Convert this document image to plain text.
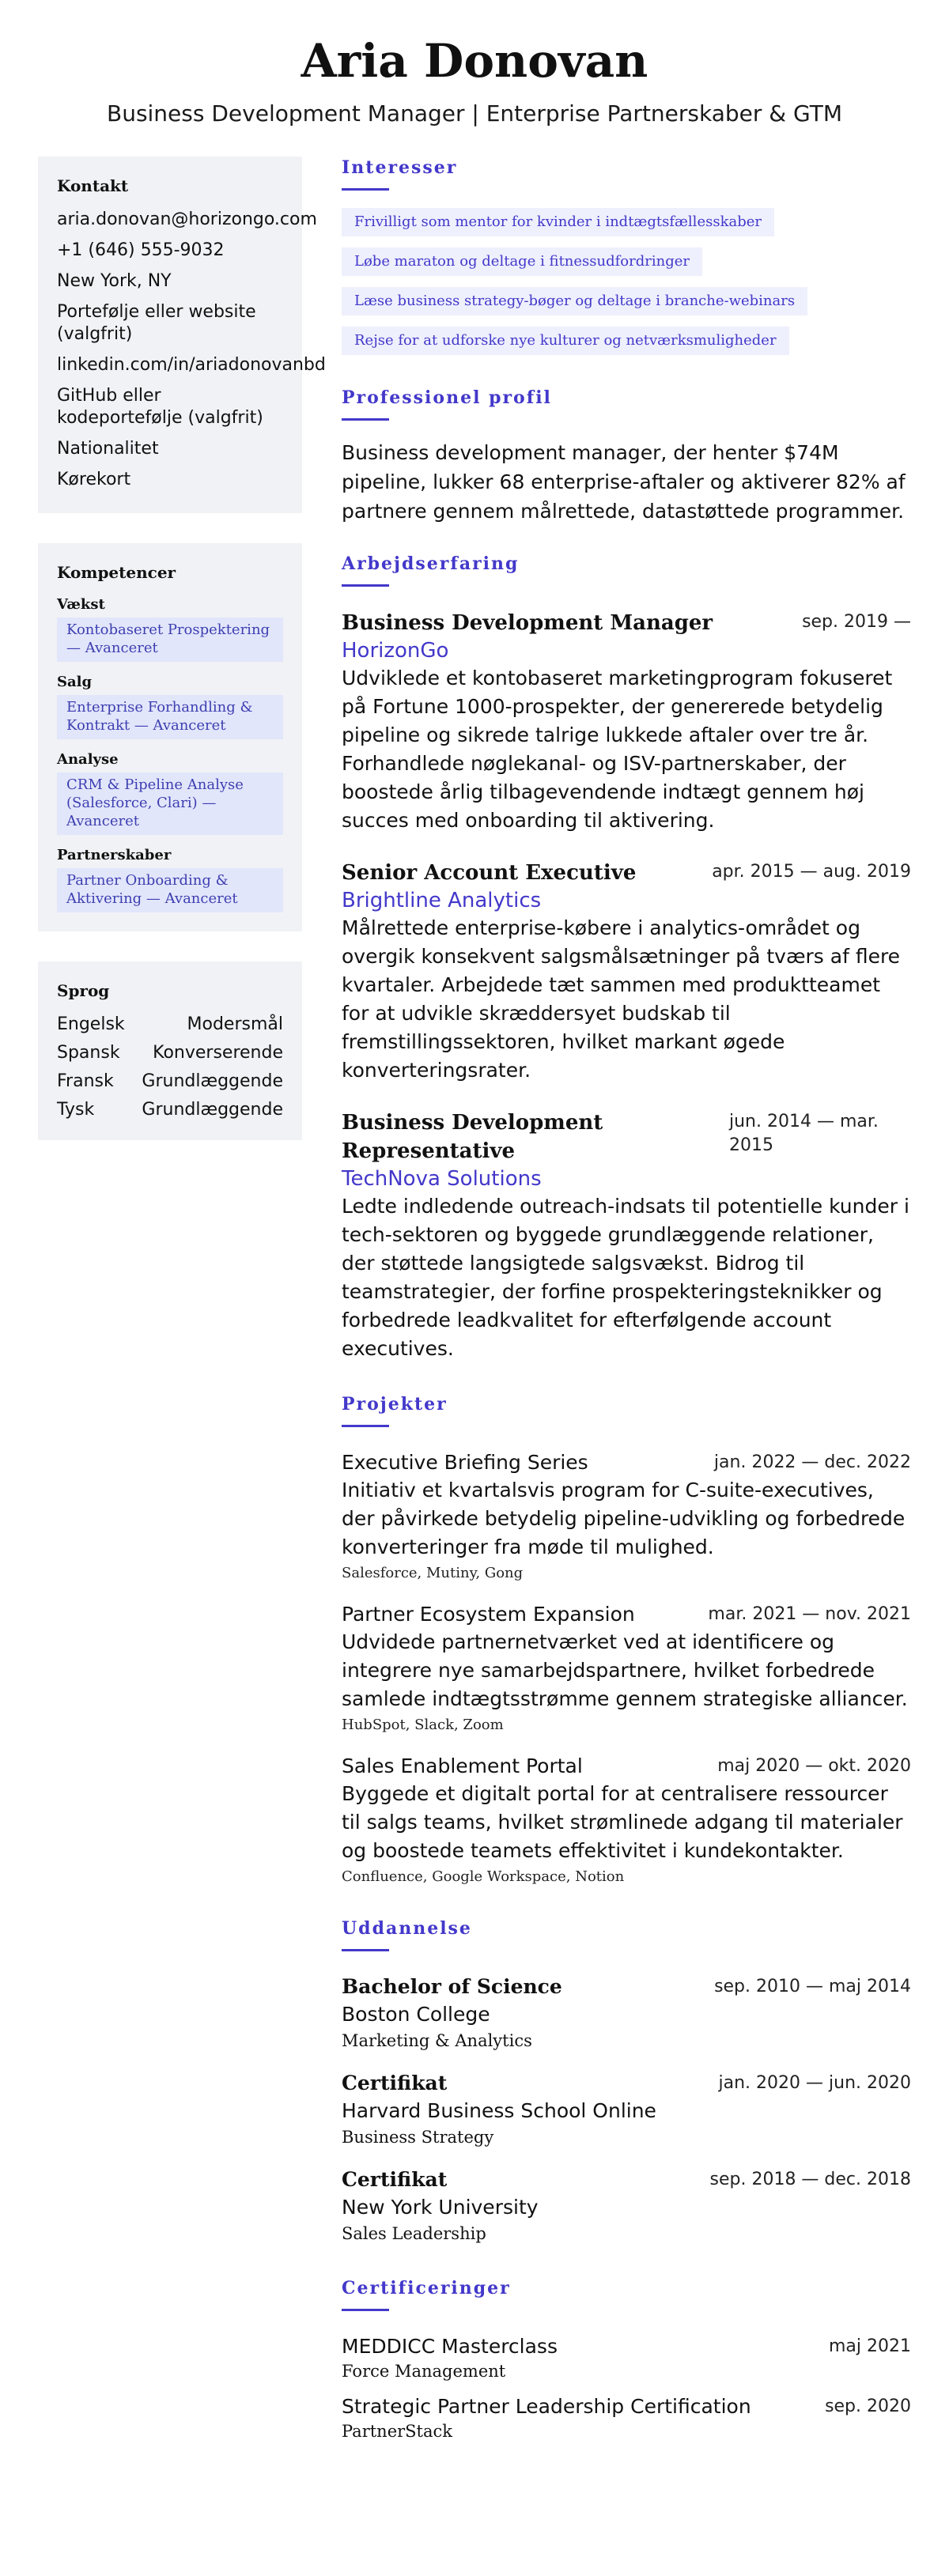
Aria Donovan
Business Development Manager | Enterprise Partnerskaber & GTM
Kontakt
aria.donovan@horizongo.com
+1 (646) 555-9032
New York, NY
Portefølje eller website (valgfrit)
linkedin.com/in/ariadonovanbd
GitHub eller kodeportefølje (valgfrit)
Nationalitet
Kørekort
Kompetencer
Vækst
Kontobaseret Prospektering — Avanceret
Salg
Enterprise Forhandling & Kontrakt — Avanceret
Analyse
CRM & Pipeline Analyse (Salesforce, Clari) — Avanceret
Partnerskaber
Partner Onboarding & Aktivering — Avanceret
Sprog
Engelsk	Modersmål
Spansk Konverserende
Fransk Grundlæggende
Tysk	Grundlæggende
Interesser
Frivilligt som mentor for kvinder i indtægtsfællesskaber
Løbe maraton og deltage i fitnessudfordringer
Læse business strategy-bøger og deltage i branche-webinars
Rejse for at udforske nye kulturer og netværksmuligheder
Professionel profil

Business development manager, der henter $74M pipeline, lukker 68 enterprise-aftaler og aktiverer 82% af partnere gennem målrettede, datastøttede programmer.

Arbejdserfaring
Business Development Manager	sep. 2019 —
HorizonGo
Udviklede et kontobaseret marketingprogram fokuseret på Fortune 1000-prospekter, der genererede betydelig pipeline og sikrede talrige lukkede aftaler over tre år. Forhandlede nøglekanal- og ISV-partnerskaber, der boostede årlig tilbagevendende indtægt gennem høj succes med onboarding til aktivering.
Senior Account Executive	apr. 2015 — aug. 2019
Brightline Analytics
Målrettede enterprise-købere i analytics-området og overgik konsekvent salgsmålsætninger på tværs af flere kvartaler. Arbejdede tæt sammen med produktteamet for at udvikle skræddersyet budskab til fremstillingssektoren, hvilket markant øgede konverteringsrater.
Business Development Representative
jun. 2014 — mar. 2015
TechNova Solutions
Ledte indledende outreach-indsats til potentielle kunder i tech-sektoren og byggede grundlæggende relationer, der støttede langsigtede salgsvækst. Bidrog til teamstrategier, der forfine prospekteringsteknikker og forbedrede leadkvalitet for efterfølgende account executives.
Projekter
Executive Briefing Series	jan. 2022 — dec. 2022
Initiativ et kvartalsvis program for C-suite-executives, der påvirkede betydelig pipeline-udvikling og forbedrede konverteringer fra møde til mulighed.
Salesforce, Mutiny, Gong
Partner Ecosystem Expansion	mar. 2021 — nov. 2021
Udvidede partnernetværket ved at identificere og integrere nye samarbejdspartnere, hvilket forbedrede samlede indtægtsstrømme gennem strategiske alliancer.
HubSpot, Slack, Zoom
Sales Enablement Portal	maj 2020 — okt. 2020
Byggede et digitalt portal for at centralisere ressourcer til salgs teams, hvilket strømlinede adgang til materialer og boostede teamets effektivitet i kundekontakter.
Confluence, Google Workspace, Notion
Uddannelse
Bachelor of Science	sep. 2010 — maj 2014
Boston College
Marketing & Analytics
Certifikat	jan. 2020 — jun. 2020
Harvard Business School Online
Business Strategy
Certifikat	sep. 2018 — dec. 2018
New York University
Sales Leadership
Certificeringer
MEDDICC Masterclass	maj 2021
Force Management
Strategic Partner Leadership Certification	sep. 2020
PartnerStack
